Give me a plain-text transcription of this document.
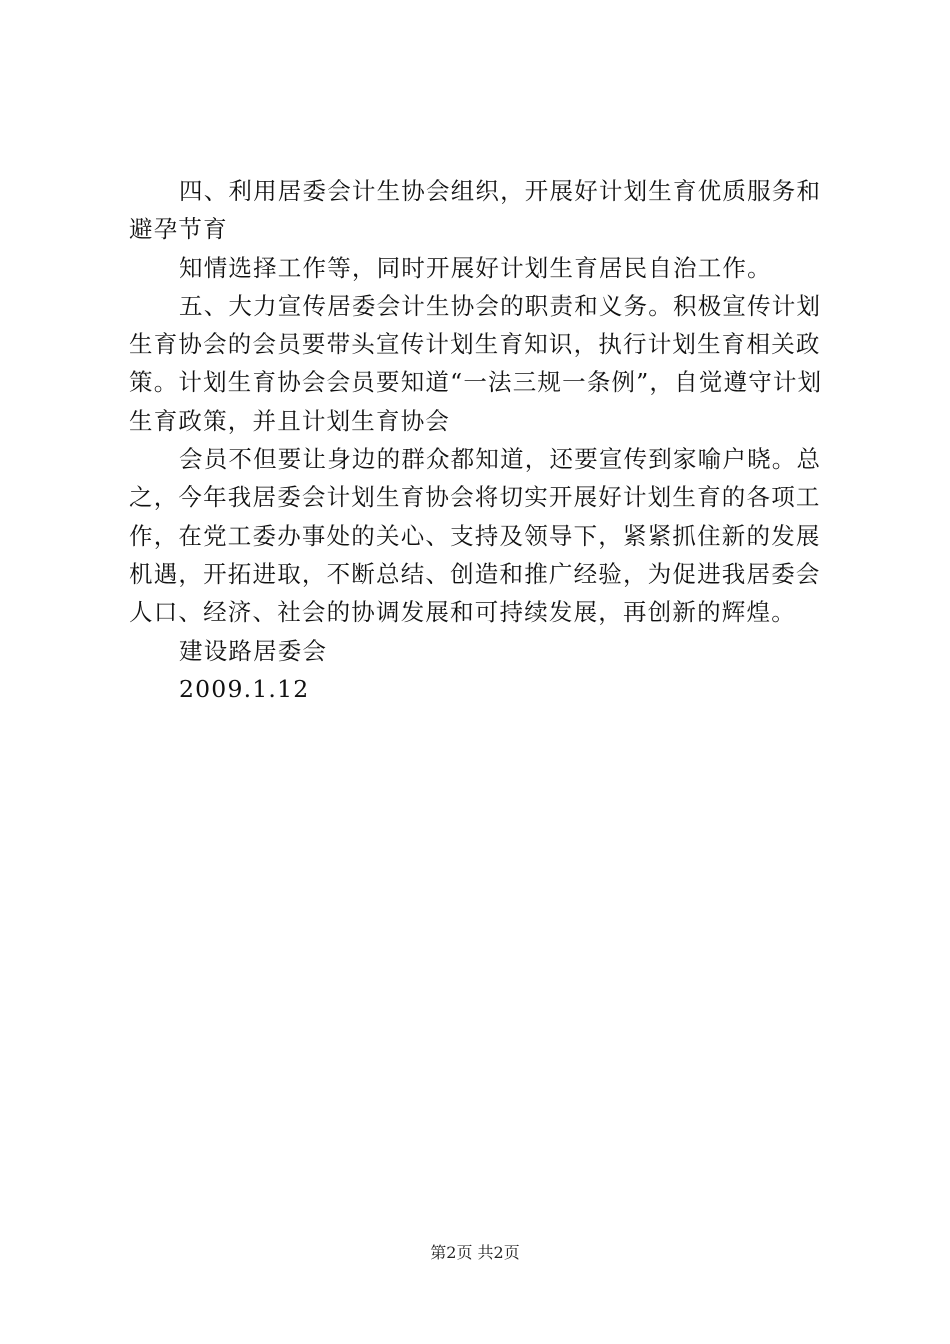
四、利用居委会计生协会组织，开展好计划生育优质服务和避孕节育

知情选择工作等，同时开展好计划生育居民自治工作。

五、大力宣传居委会计生协会的职责和义务。积极宣传计划生育协会的会员要带头宣传计划生育知识，执行计划生育相关政策。计划生育协会会员要知道“一法三规一条例”，自觉遵守计划生育政策，并且计划生育协会

会员不但要让身边的群众都知道，还要宣传到家喻户晓。总之，今年我居委会计划生育协会将切实开展好计划生育的各项工作，在党工委办事处的关心、支持及领导下，紧紧抓住新的发展机遇，开拓进取，不断总结、创造和推广经验，为促进我居委会人口、经济、社会的协调发展和可持续发展，再创新的辉煌。

建设路居委会

2009.1.12

第2页 共2页
